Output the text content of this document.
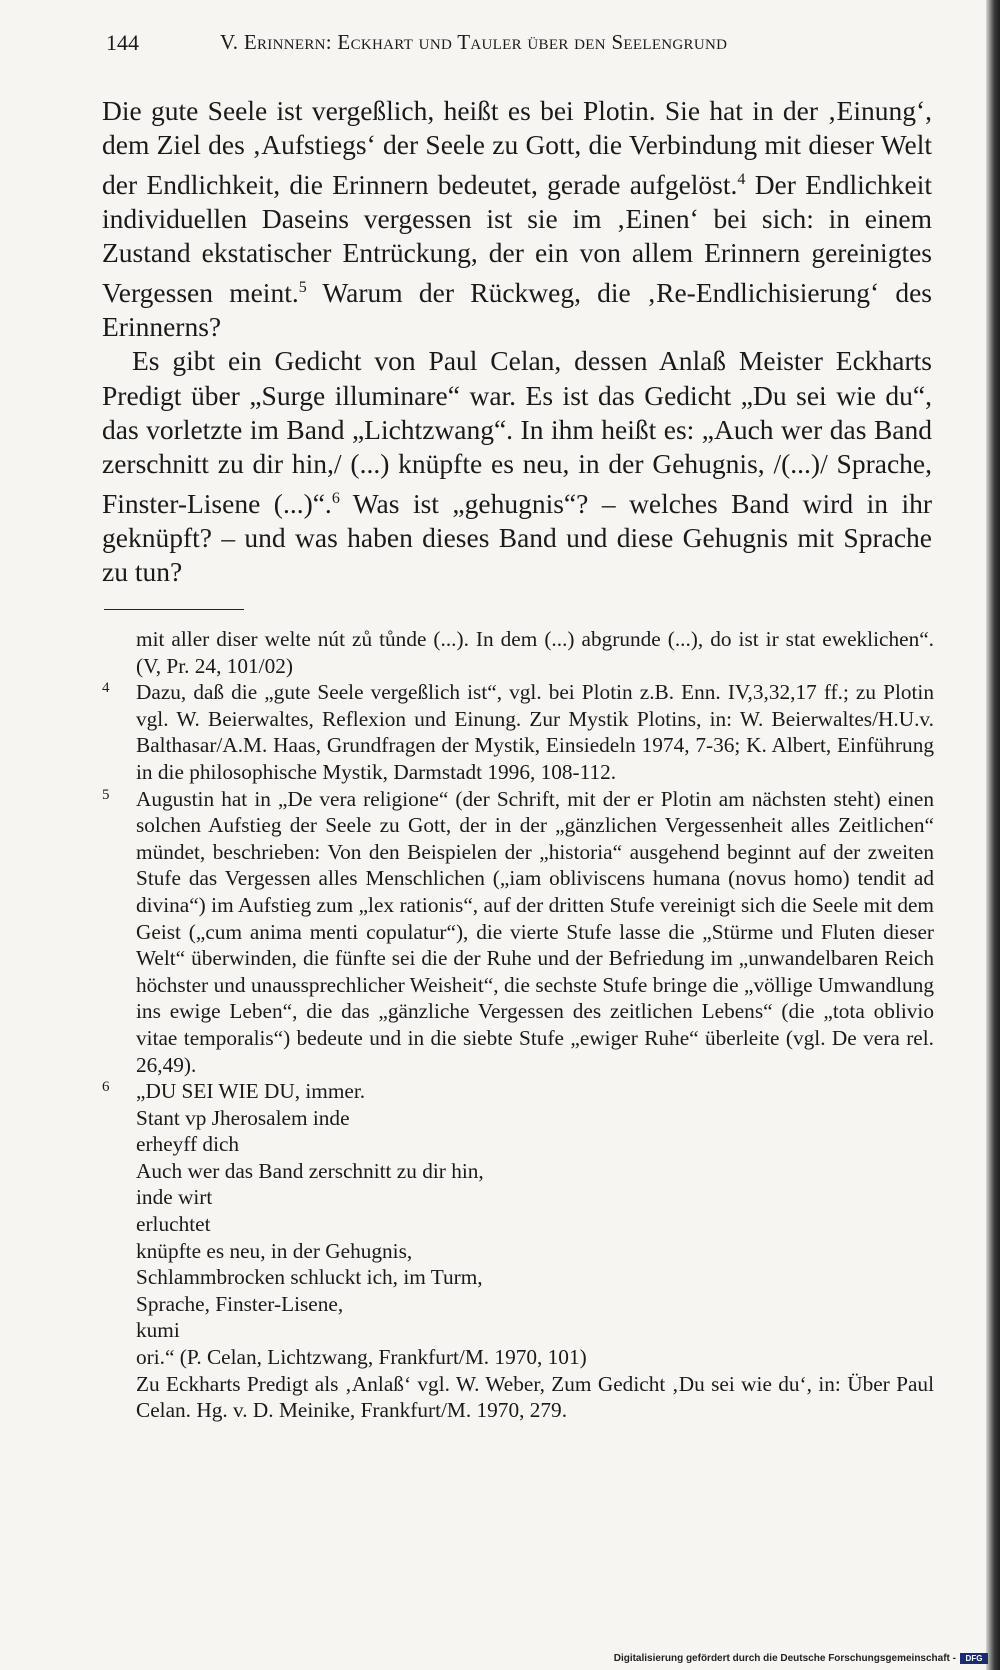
144	V. Erinnern: Eckhart und Tauler über den Seelengrund

Die gute Seele ist vergeßlich, heißt es bei Plotin. Sie hat in der ‚Einung‘, dem Ziel des ‚Aufstiegs‘ der Seele zu Gott, die Verbindung mit dieser Welt der Endlichkeit, die Erinnern bedeutet, gerade aufgelöst.$^4$ Der Endlichkeit individuellen Daseins vergessen ist sie im ‚Einen‘ bei sich: in einem Zustand ekstatischer Entrückung, der ein von allem Erinnern gereinigtes Vergessen meint.$^5$ Warum der Rückweg, die ‚Re-Endlichisierung‘ des Erinnerns?

Es gibt ein Gedicht von Paul Celan, dessen Anlaß Meister Eckharts Predigt über „Surge illuminare“ war. Es ist das Gedicht „Du sei wie du“, das vorletzte im Band „Lichtzwang“. In ihm heißt es: „Auch wer das Band zerschnitt zu dir hin,/ (...) knüpfte es neu, in der Gehugnis, /(...)/ Sprache, Finster-Lisene (...)“.$^6$ Was ist „gehugnis“? – welches Band wird in ihr geknüpft? – und was haben dieses Band und diese Gehugnis mit Sprache zu tun?

mit aller diser welte nút zů tůnde (...). In dem (...) abgrunde (...), do ist ir stat eweklichen“. (V, Pr. 24, 101/02)
4 Dazu, daß die „gute Seele vergeßlich ist“, vgl. bei Plotin z.B. Enn. IV,3,32,17 ff.; zu Plotin vgl. W. Beierwaltes, Reflexion und Einung. Zur Mystik Plotins, in: W. Beierwaltes/H.U.v. Balthasar/A.M. Haas, Grundfragen der Mystik, Einsiedeln 1974, 7-36; K. Albert, Einführung in die philosophische Mystik, Darmstadt 1996, 108-112.
5 Augustin hat in „De vera religione“ (der Schrift, mit der er Plotin am nächsten steht) einen solchen Aufstieg der Seele zu Gott, der in der „gänzlichen Vergessenheit alles Zeitlichen“ mündet, beschrieben: Von den Beispielen der „historia“ ausgehend beginnt auf der zweiten Stufe das Vergessen alles Menschlichen („iam obliviscens humana (novus homo) tendit ad divina“) im Aufstieg zum „lex rationis“, auf der dritten Stufe vereinigt sich die Seele mit dem Geist („cum anima menti copulatur“), die vierte Stufe lasse die „Stürme und Fluten dieser Welt“ überwinden, die fünfte sei die der Ruhe und der Befriedung im „unwandelbaren Reich höchster und unaussprechlicher Weisheit“, die sechste Stufe bringe die „völlige Umwandlung ins ewige Leben“, die das „gänzliche Vergessen des zeitlichen Lebens“ (die „tota oblivio vitae temporalis“) bedeute und in die siebte Stufe „ewiger Ruhe“ überleite (vgl. De vera rel. 26,49).
6 „DU SEI WIE DU, immer.
Stant vp Jherosalem inde
erheyff dich
Auch wer das Band zerschnitt zu dir hin,
inde wirt
erluchtet
knüpfte es neu, in der Gehugnis,
Schlammbrocken schluckt ich, im Turm,
Sprache, Finster-Lisene,
kumi
ori.“ (P. Celan, Lichtzwang, Frankfurt/M. 1970, 101)
Zu Eckharts Predigt als ‚Anlaß‘ vgl. W. Weber, Zum Gedicht ‚Du sei wie du‘, in: Über Paul Celan. Hg. v. D. Meinike, Frankfurt/M. 1970, 279.
Digitalisierung gefördert durch die Deutsche Forschungsgemeinschaft -	DFG
